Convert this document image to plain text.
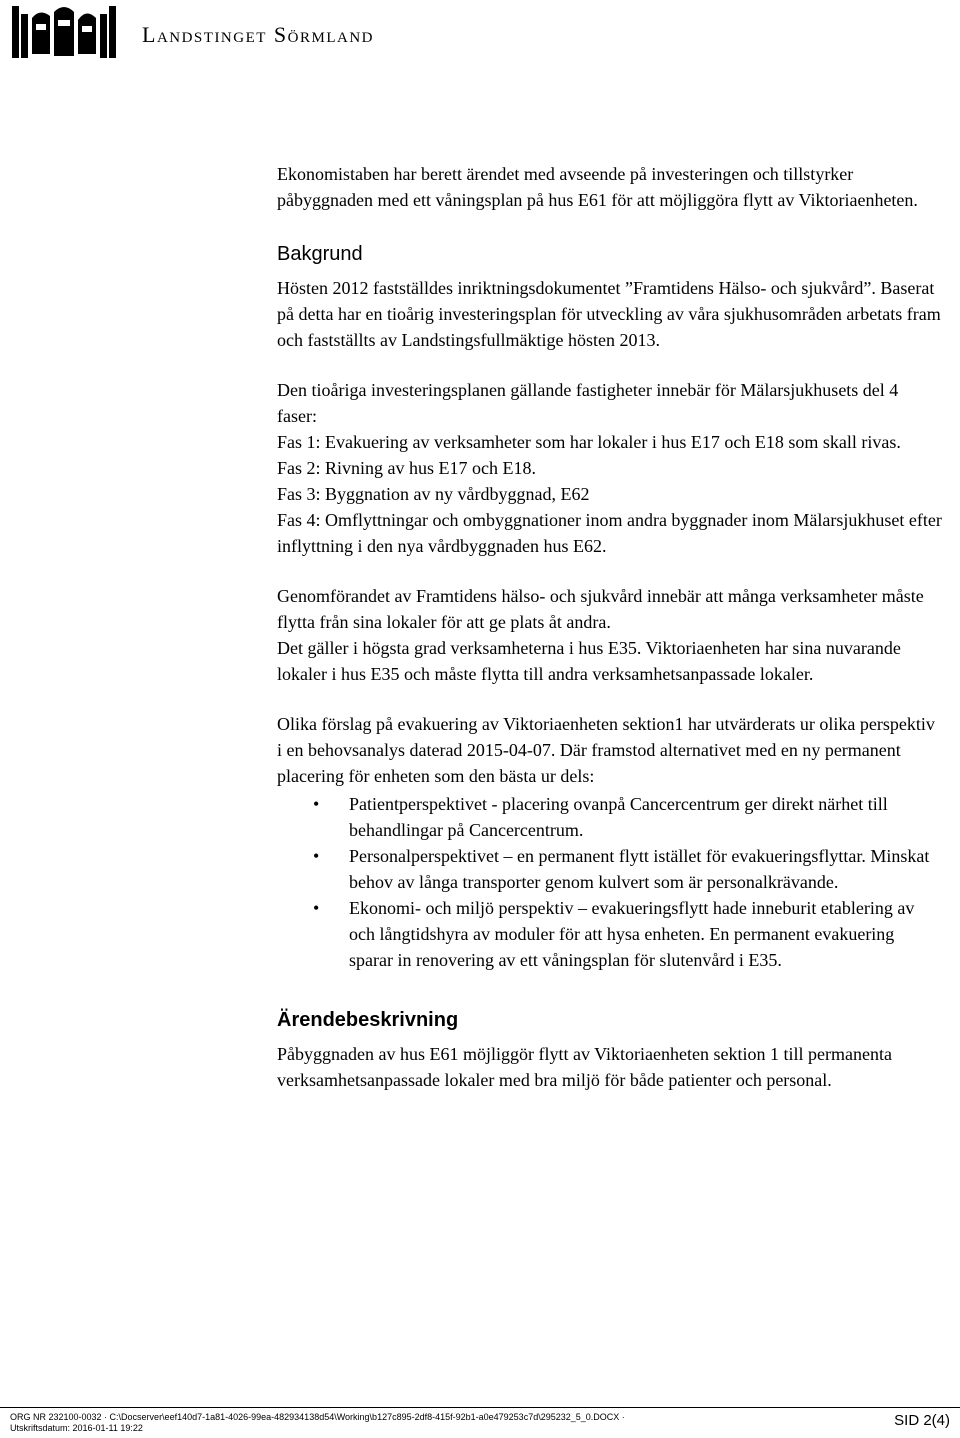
Landstinget Sörmland

Ekonomistaben har berett ärendet med avseende på investeringen och tillstyrker påbyggnaden med ett våningsplan på hus E61 för att möjliggöra flytt av Viktoriaenheten.

Bakgrund

Hösten 2012 fastställdes inriktningsdokumentet ”Framtidens Hälso- och sjukvård”. Baserat på detta har en tioårig investeringsplan för utveckling av våra sjukhusområden arbetats fram och fastställts av Landstingsfullmäktige hösten 2013.

Den tioåriga investeringsplanen gällande fastigheter innebär för Mälarsjukhusets del 4 faser:

Fas 1: Evakuering av verksamheter som har lokaler i hus E17 och E18 som skall rivas.

Fas 2: Rivning av hus E17 och E18.

Fas 3: Byggnation av ny vårdbyggnad, E62

Fas 4: Omflyttningar och ombyggnationer inom andra byggnader inom Mälarsjukhuset efter inflyttning i den nya vårdbyggnaden hus E62.

Genomförandet av Framtidens hälso- och sjukvård innebär att många verksamheter måste flytta från sina lokaler för att ge plats åt andra.

Det gäller i högsta grad verksamheterna i hus E35. Viktoriaenheten har sina nuvarande lokaler i hus E35 och måste flytta till andra verksamhetsanpassade lokaler.

Olika förslag på evakuering av Viktoriaenheten sektion1 har utvärderats ur olika perspektiv i en behovsanalys daterad 2015-04-07. Där framstod alternativet med en ny permanent placering för enheten som den bästa ur dels:

• Patientperspektivet - placering ovanpå Cancercentrum ger direkt närhet till behandlingar på Cancercentrum.
• Personalperspektivet – en permanent flytt istället för evakueringsflyttar. Minskat behov av långa transporter genom kulvert som är personalkrävande.
• Ekonomi- och miljö perspektiv – evakueringsflytt hade inneburit etablering av och långtidshyra av moduler för att hysa enheten. En permanent evakuering sparar in renovering av ett våningsplan för slutenvård i E35.
Ärendebeskrivning

Påbyggnaden av hus E61 möjliggör flytt av Viktoriaenheten sektion 1 till permanenta verksamhetsanpassade lokaler med bra miljö för både patienter och personal.

ORG NR 232100-0032 · C:\Docserver\eef140d7-1a81-4026-99ea-482934138d54\Working\b127c895-2df8-415f-92b1-a0e479253c7d\295232_5_0.DOCX ·
Utskriftsdatum: 2016-01-11 19:22	SID 2(4)
